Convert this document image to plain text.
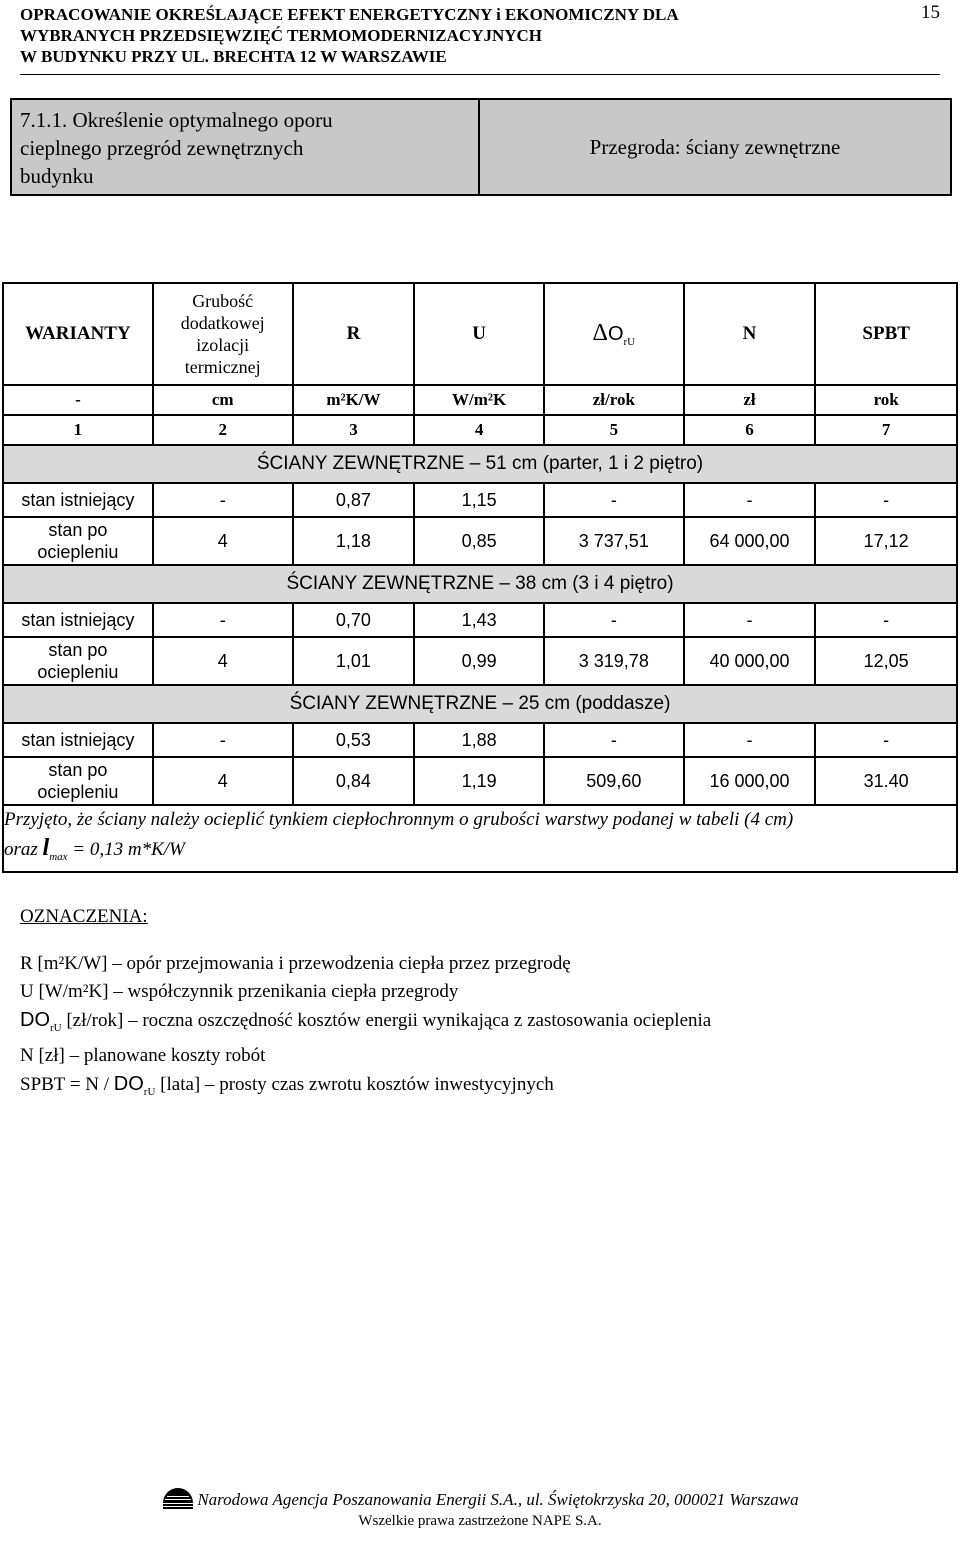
OPRACOWANIE OKREŚLAJĄCE EFEKT ENERGETYCZNY i EKONOMICZNY DLA
WYBRANYCH PRZEDSIĘWZIĘĆ TERMOMODERNIZACYJNYCH
W BUDYNKU PRZY UL. BRECHTA 12 W WARSZAWIE
15
7.1.1. Określenie optymalnego oporu
cieplnego przegród zewnętrznych
budynku
Przegroda: ściany zewnętrzne
WARIANTY	Grubość
dodatkowej
izolacji
termicznej	R	U	$\Delta O_{rU}$	N	SPBT
-	cm	m²K/W	W/m²K	zł/rok	zł	rok
1	2	3	4	5	6	7
ŚCIANY ZEWNĘTRZNE – 51 cm (parter, 1 i 2 piętro)						
stan istniejący	-	0,87	1,15	-	-	-

stan po
ociepleniu	4	1,18	0,85	3 737,51	64 000,00	17,12
ŚCIANY ZEWNĘTRZNE – 38 cm (3 i 4 piętro)						
stan istniejący	-	0,70	1,43	-	-	-

stan po
ociepleniu	4	1,01	0,99	3 319,78	40 000,00	12,05
ŚCIANY ZEWNĘTRZNE – 25 cm (poddasze)						
stan istniejący	-	0,53	1,88	-	-	-

stan po
ociepleniu	4	0,84	1,19	509,60	16 000,00	31.40

Przyjęto, że ściany należy ocieplić tynkiem ciepłochronnym o grubości warstwy podanej w tabeli (4 cm)
oraz $l_{max} = 0,13$ m*K/W						
OZNACZENIA:
R [m²K/W] – opór przejmowania i przewodzenia ciepła przez przegrodę
U [W/m²K] – współczynnik przenikania ciepła przegrody
$DO_{rU}$ [zł/rok] – roczna oszczędność kosztów energii wynikająca z zastosowania ocieplenia
N [zł] – planowane koszty robót
SPBT = N / $DO_{rU}$ [lata] – prosty czas zwrotu kosztów inwestycyjnych
Narodowa Agencja Poszanowania Energii S.A., ul. Świętokrzyska 20, 000021 Warszawa
Wszelkie prawa zastrzeżone NAPE S.A.
